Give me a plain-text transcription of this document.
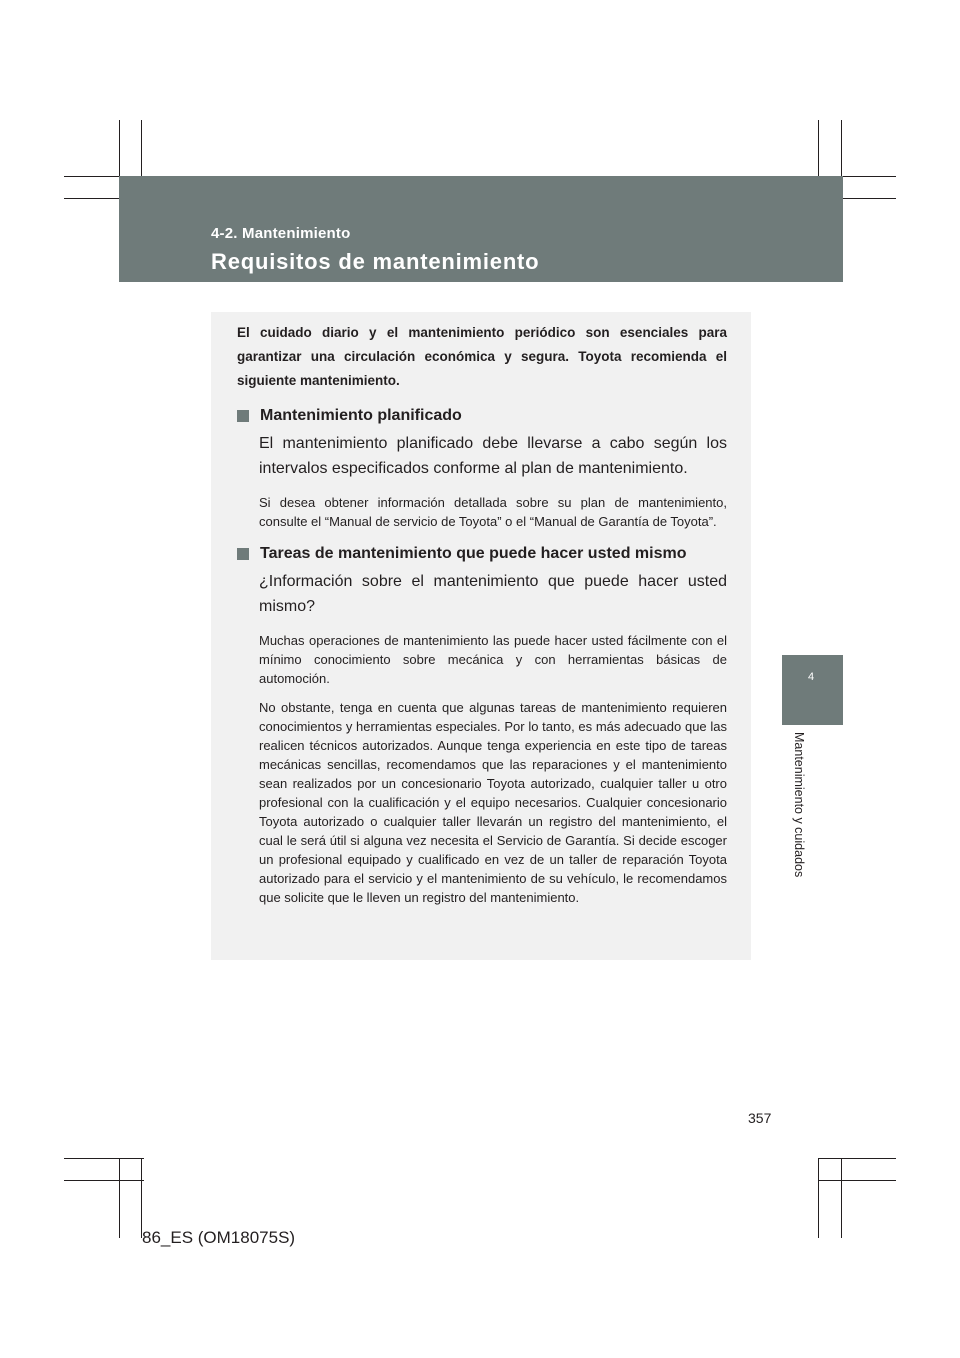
4-2. Mantenimiento
Requisitos de mantenimiento
4
Mantenimiento y cuidados
El cuidado diario y el mantenimiento periódico son esenciales para garantizar una circulación económica y segura. Toyota recomienda el siguiente mantenimiento.
Mantenimiento planificado
El mantenimiento planificado debe llevarse a cabo según los intervalos especificados conforme al plan de mantenimiento.
Si desea obtener información detallada sobre su plan de mantenimiento, consulte el “Manual de servicio de Toyota” o el “Manual de Garantía de Toyota”.
Tareas de mantenimiento que puede hacer usted mismo
¿Información sobre el mantenimiento que puede hacer usted mismo?
Muchas operaciones de mantenimiento las puede hacer usted fácilmente con el mínimo conocimiento sobre mecánica y con herramientas básicas de automoción.
No obstante, tenga en cuenta que algunas tareas de mantenimiento requieren conocimientos y herramientas especiales. Por lo tanto, es más adecuado que las realicen técnicos autorizados. Aunque tenga experiencia en este tipo de tareas mecánicas sencillas, recomendamos que las reparaciones y el mantenimiento sean realizados por un concesionario Toyota autorizado, cualquier taller u otro profesional con la cualificación y el equipo necesarios. Cualquier concesionario Toyota autorizado o cualquier taller llevarán un registro del mantenimiento, el cual le será útil si alguna vez necesita el Servicio de Garantía. Si decide escoger un profesional equipado y cualificado en vez de un taller de reparación Toyota autorizado para el servicio y el mantenimiento de su vehículo, le recomendamos que solicite que le lleven un registro del mantenimiento.
357
86_ES (OM18075S)
